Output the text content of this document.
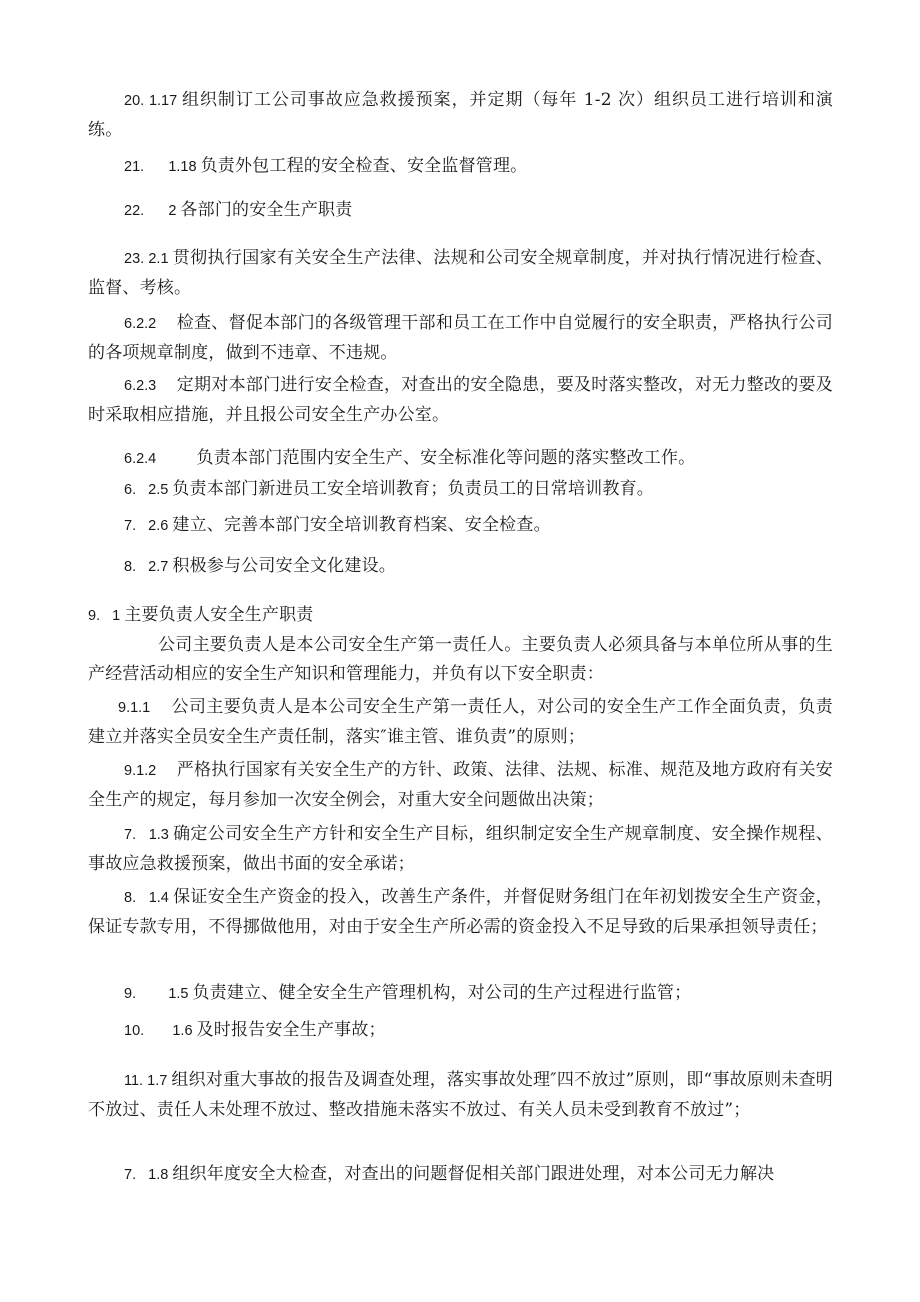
20. 1.17 组织制订工公司事故应急救援预案，并定期（每年 1-2 次）组织员工进行培训和演练。

21.      1.18 负责外包工程的安全检查、安全监督管理。

22.      2 各部门的安全生产职责

23. 2.1 贯彻执行国家有关安全生产法律、法规和公司安全规章制度，并对执行情况进行检查、监督、考核。

6.2.2     检查、督促本部门的各级管理干部和员工在工作中自觉履行的安全职责，严格执行公司的各项规章制度，做到不违章、不违规。

6.2.3     定期对本部门进行安全检查，对查出的安全隐患，要及时落实整改，对无力整改的要及时采取相应措施，并且报公司安全生产办公室。

6.2.4          负责本部门范围内安全生产、安全标准化等问题的落实整改工作。

6.   2.5 负责本部门新进员工安全培训教育；负责员工的日常培训教育。

7.   2.6 建立、完善本部门安全培训教育档案、安全检查。

8.   2.7 积极参与公司安全文化建设。

9.   1 主要负责人安全生产职责

公司主要负责人是本公司安全生产第一责任人。主要负责人必须具备与本单位所从事的生产经营活动相应的安全生产知识和管理能力，并负有以下安全职责：

9.1.1     公司主要负责人是本公司安全生产第一责任人，对公司的安全生产工作全面负责，负责建立并落实全员安全生产责任制，落实″谁主管、谁负责”的原则；

9.1.2     严格执行国家有关安全生产的方针、政策、法律、法规、标准、规范及地方政府有关安全生产的规定，每月参加一次安全例会，对重大安全问题做出决策；

7.   1.3 确定公司安全生产方针和安全生产目标，组织制定安全生产规章制度、安全操作规程、事故应急救援预案，做出书面的安全承诺；

8.   1.4 保证安全生产资金的投入，改善生产条件，并督促财务组门在年初划拨安全生产资金，保证专款专用，不得挪做他用，对由于安全生产所必需的资金投入不足导致的后果承担领导责任；

9.        1.5 负责建立、健全安全生产管理机构，对公司的生产过程进行监管；

10.       1.6 及时报告安全生产事故；

11. 1.7 组织对重大事故的报告及调查处理，落实事故处理″四不放过”原则，即“事故原则未查明不放过、责任人未处理不放过、整改措施未落实不放过、有关人员未受到教育不放过”；

7.   1.8 组织年度安全大检查，对查出的问题督促相关部门跟进处理，对本公司无力解决
